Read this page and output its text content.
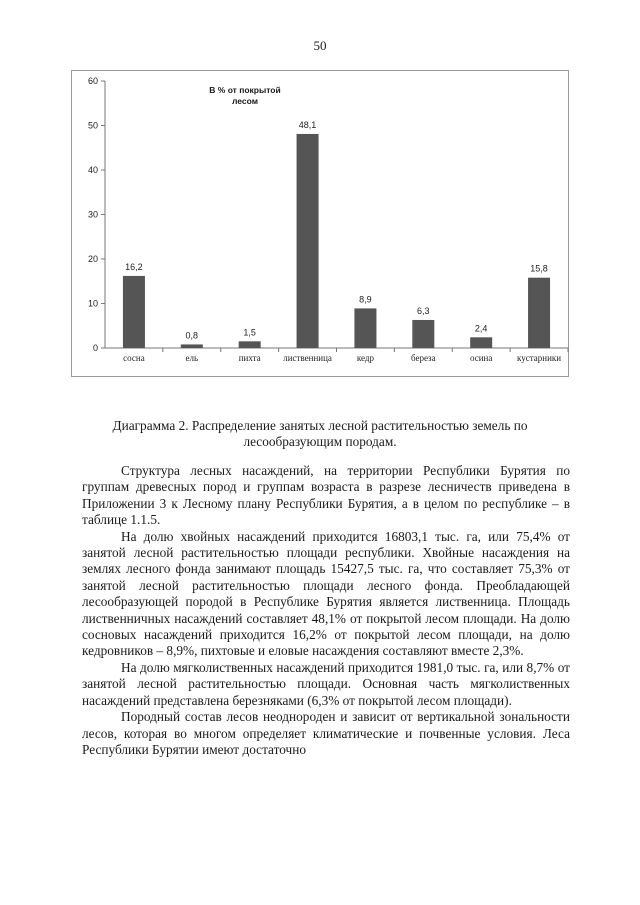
50
0
10
20
30
40
50
60
16,2
сосна
0,8
ель
1,5
пихта
48,1
лиственница
8,9
кедр
6,3
береза
2,4
осина
15,8
кустарники
В % от покрытой лесом
Диаграмма 2. Распределение занятых лесной растительностью земель по лесообразующим породам.

Структура лесных насаждений, на территории Республики Бурятия по группам древесных пород и группам возраста в разрезе лесничеств приведена в Приложении 3 к Лесному плану Республики Бурятия, а в целом по республике – в таблице 1.1.5.

На долю хвойных насаждений приходится 16803,1 тыс. га, или 75,4% от занятой лесной растительностью площади республики. Хвойные насаждения на землях лесного фонда занимают площадь 15427,5 тыс. га, что составляет 75,3% от занятой лесной растительностью площади лесного фонда. Преобладающей лесообразующей породой в Республике Бурятия является лиственница. Площадь лиственничных насаждений составляет 48,1% от покрытой лесом площади. На долю сосновых насаждений приходится 16,2% от покрытой лесом площади, на долю кедровников – 8,9%, пихтовые и еловые насаждения составляют вместе 2,3%.

На долю мягколиственных насаждений приходится 1981,0 тыс. га, или 8,7% от занятой лесной растительностью площади. Основная часть мягколиственных насаждений представлена березняками (6,3% от покрытой лесом площади).

Породный состав лесов неоднороден и зависит от вертикальной зональности лесов, которая во многом определяет климатические и почвенные условия. Леса Республики Бурятии имеют достаточно
